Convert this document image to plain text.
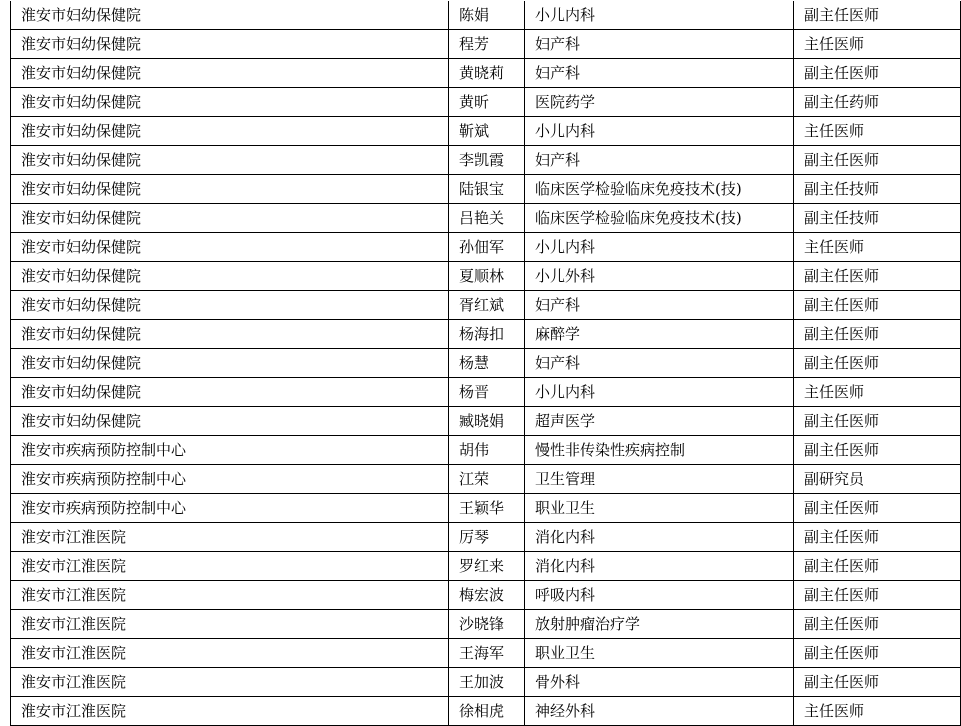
淮安市妇幼保健院	陈娟	小儿内科	副主任医师
淮安市妇幼保健院	程芳	妇产科	主任医师
淮安市妇幼保健院	黄晓莉	妇产科	副主任医师
淮安市妇幼保健院	黄昕	医院药学	副主任药师
淮安市妇幼保健院	靳斌	小儿内科	主任医师
淮安市妇幼保健院	李凯霞	妇产科	副主任医师
淮安市妇幼保健院	陆银宝	临床医学检验临床免疫技术(技)	副主任技师
淮安市妇幼保健院	吕艳关	临床医学检验临床免疫技术(技)	副主任技师
淮安市妇幼保健院	孙佃军	小儿内科	主任医师
淮安市妇幼保健院	夏顺林	小儿外科	副主任医师
淮安市妇幼保健院	胥红斌	妇产科	副主任医师
淮安市妇幼保健院	杨海扣	麻醉学	副主任医师
淮安市妇幼保健院	杨慧	妇产科	副主任医师
淮安市妇幼保健院	杨晋	小儿内科	主任医师
淮安市妇幼保健院	臧晓娟	超声医学	副主任医师
淮安市疾病预防控制中心	胡伟	慢性非传染性疾病控制	副主任医师
淮安市疾病预防控制中心	江荣	卫生管理	副研究员
淮安市疾病预防控制中心	王颖华	职业卫生	副主任医师
淮安市江淮医院	厉琴	消化内科	副主任医师
淮安市江淮医院	罗红来	消化内科	副主任医师
淮安市江淮医院	梅宏波	呼吸内科	副主任医师
淮安市江淮医院	沙晓锋	放射肿瘤治疗学	副主任医师
淮安市江淮医院	王海军	职业卫生	副主任医师
淮安市江淮医院	王加波	骨外科	副主任医师
淮安市江淮医院	徐相虎	神经外科	主任医师
